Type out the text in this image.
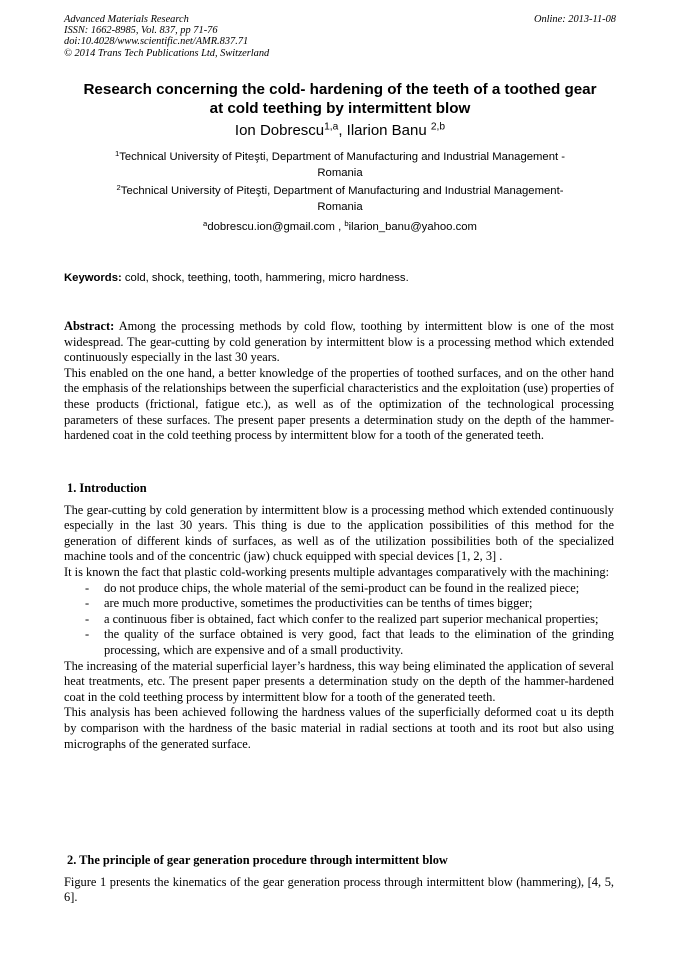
Advanced Materials Research
ISSN: 1662-8985, Vol. 837, pp 71-76
doi:10.4028/www.scientific.net/AMR.837.71
© 2014 Trans Tech Publications Ltd, Switzerland
Online: 2013-11-08
Research concerning the cold- hardening of the teeth of a toothed gear
at cold teething by intermittent blow
Ion Dobrescu$^{1,a}$, Ilarion Banu $^{2,b}$
$^1$Technical University of Piteşti, Department of Manufacturing and Industrial Management -
Romania
$^2$Technical University of Piteşti, Department of Manufacturing and Industrial Management-
Romania
$^a$dobrescu.ion@gmail.com , $^b$ilarion_banu@yahoo.com
Keywords: cold, shock, teething, tooth, hammering, micro hardness.

Abstract: Among the processing methods by cold flow, toothing by intermittent blow is one of the most widespread. The gear-cutting by cold generation by intermittent blow is a processing method which extended continuously especially in the last 30 years.

This enabled on the one hand, a better knowledge of the properties of toothed surfaces, and on the other hand the emphasis of the relationships between the superficial characteristics and the exploitation (use) properties of these products (frictional, fatigue etc.), as well as of the optimization of the technological processing parameters of these surfaces. The present paper presents a determination study on the depth of the hammer-hardened coat in the cold teething process by intermittent blow for a tooth of the generated teeth.

1. Introduction

The gear-cutting by cold generation by intermittent blow is a processing method which extended continuously especially in the last 30 years. This thing is due to the application possibilities of this method for the generation of different kinds of surfaces, as well as of the utilization possibilities both of the specialized machine tools and of the concentric (jaw) chuck equipped with special devices [1, 2, 3] .

It is known the fact that plastic cold-working presents multiple advantages comparatively with the machining:

- do not produce chips, the whole material of the semi-product can be found in the realized piece;
- are much more productive, sometimes the productivities can be tenths of times bigger;
- a continuous fiber is obtained, fact which confer to the realized part superior mechanical properties;
- the quality of the surface obtained is very good, fact that leads to the elimination of the grinding processing, which are expensive and of a small productivity.

The increasing of the material superficial layer’s hardness, this way being eliminated the application of several heat treatments, etc. The present paper presents a determination study on the depth of the hammer-hardened coat in the cold teething process by intermittent blow for a tooth of the generated teeth.

This analysis has been achieved following the hardness values of the superficially deformed coat u its depth by comparison with the hardness of the basic material in radial sections at tooth and its root but also using micrographs of the generated surface.

2. The principle of gear generation procedure through intermittent blow

Figure 1 presents the kinematics of the gear generation process through intermittent blow (hammering), [4, 5, 6].
